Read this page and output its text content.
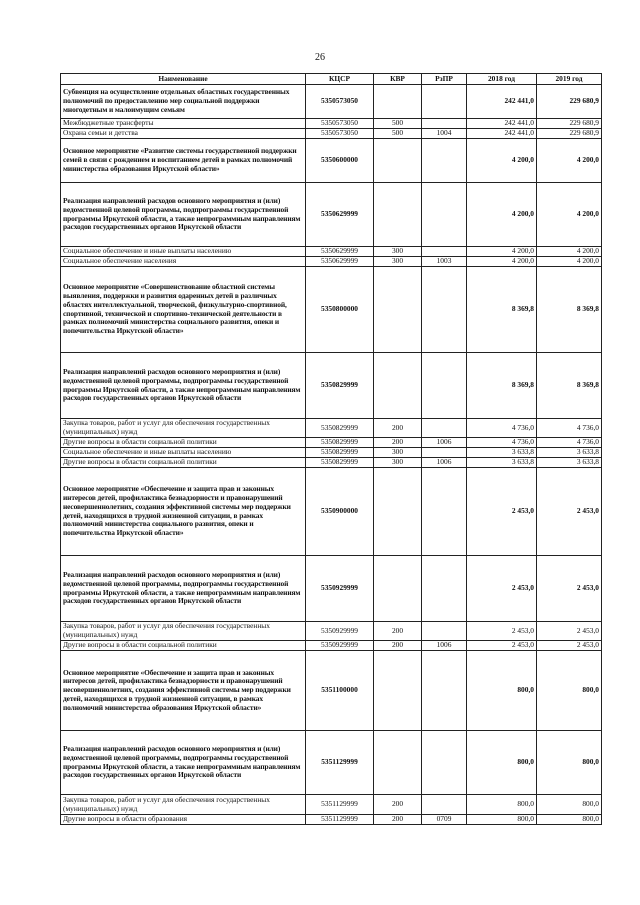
26
Наименование	КЦСР	КВР	РзПР	2018 год	2019 год
Субвенция на осуществление отдельных областных государственных полномочий по предоставлению мер социальной поддержки многодетным и малоимущим семьям	5350573050			242 441,0	229 680,9
Межбюджетные трансферты	5350573050	500		242 441,0	229 680,9
Охрана семьи и детства	5350573050	500	1004	242 441,0	229 680,9
Основное мероприятие «Развитие системы государственной поддержки семей в связи с рождением и воспитанием детей в рамках полномочий министерства образования Иркутской области»	5350600000			4 200,0	4 200,0
Реализация направлений расходов основного мероприятия и (или) ведомственной целевой программы, подпрограммы государственной программы Иркутской области, а также непрограммным направлениям расходов государственных органов Иркутской области	5350629999			4 200,0	4 200,0
Социальное обеспечение и иные выплаты населению	5350629999	300		4 200,0	4 200,0
Социальное обеспечение населения	5350629999	300	1003	4 200,0	4 200,0
Основное мероприятие «Совершенствование областной системы выявления, поддержки и развития одаренных детей в различных областях интеллектуальной, творческой, физкультурно-спортивной, спортивной, технической и спортивно-технической деятельности в рамках полномочий министерства социального развития, опеки и попечительства Иркутской области»	5350800000			8 369,8	8 369,8
Реализация направлений расходов основного мероприятия и (или) ведомственной целевой программы, подпрограммы государственной программы Иркутской области, а также непрограммным направлениям расходов государственных органов Иркутской области	5350829999			8 369,8	8 369,8
Закупка товаров, работ и услуг для обеспечения государственных (муниципальных) нужд	5350829999	200		4 736,0	4 736,0
Другие вопросы в области социальной политики	5350829999	200	1006	4 736,0	4 736,0
Социальное обеспечение и иные выплаты населению	5350829999	300		3 633,8	3 633,8
Другие вопросы в области социальной политики	5350829999	300	1006	3 633,8	3 633,8
Основное мероприятие «Обеспечение и защита прав и законных интересов детей, профилактика безнадзорности и правонарушений несовершеннолетних, создания эффективной системы мер поддержки детей, находящихся в трудной жизненной ситуации, в рамках полномочий министерства социального развития, опеки и попечительства Иркутской области»	5350900000			2 453,0	2 453,0
Реализация направлений расходов основного мероприятия и (или) ведомственной целевой программы, подпрограммы государственной программы Иркутской области, а также непрограммным направлениям расходов государственных органов Иркутской области	5350929999			2 453,0	2 453,0
Закупка товаров, работ и услуг для обеспечения государственных (муниципальных) нужд	5350929999	200		2 453,0	2 453,0
Другие вопросы в области социальной политики	5350929999	200	1006	2 453,0	2 453,0
Основное мероприятие «Обеспечение и защита прав и законных интересов детей, профилактика безнадзорности и правонарушений несовершеннолетних, создания эффективной системы мер поддержки детей, находящихся в трудной жизненной ситуации, в рамках полномочий министерства образования Иркутской области»	5351100000			800,0	800,0
Реализация направлений расходов основного мероприятия и (или) ведомственной целевой программы, подпрограммы государственной программы Иркутской области, а также непрограммным направлениям расходов государственных органов Иркутской области	5351129999			800,0	800,0
Закупка товаров, работ и услуг для обеспечения государственных (муниципальных) нужд	5351129999	200		800,0	800,0
Другие вопросы в области образования	5351129999	200	0709	800,0	800,0
